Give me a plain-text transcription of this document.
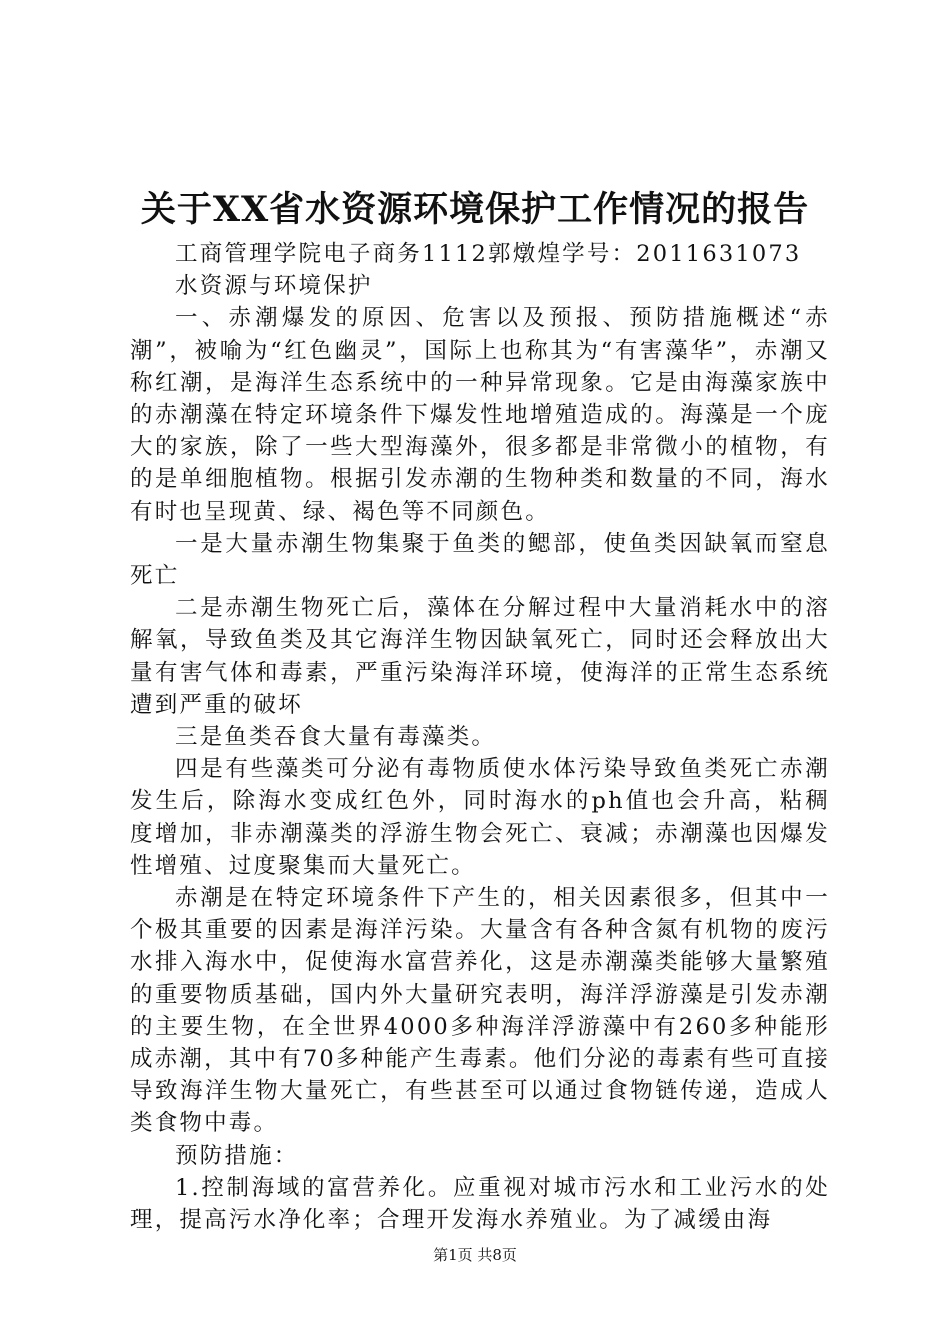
关于XX省水资源环境保护工作情况的报告

工商管理学院电子商务1112郭燉煌学号：2011631073

水资源与环境保护

一、赤潮爆发的原因、危害以及预报、预防措施概述“赤潮”，被喻为“红色幽灵”，国际上也称其为“有害藻华”，赤潮又称红潮，是海洋生态系统中的一种异常现象。它是由海藻家族中的赤潮藻在特定环境条件下爆发性地增殖造成的。海藻是一个庞大的家族，除了一些大型海藻外，很多都是非常微小的植物，有的是单细胞植物。根据引发赤潮的生物种类和数量的不同，海水有时也呈现黄、绿、褐色等不同颜色。

一是大量赤潮生物集聚于鱼类的鳃部，使鱼类因缺氧而窒息死亡

二是赤潮生物死亡后，藻体在分解过程中大量消耗水中的溶解氧，导致鱼类及其它海洋生物因缺氧死亡，同时还会释放出大量有害气体和毒素，严重污染海洋环境，使海洋的正常生态系统遭到严重的破坏

三是鱼类吞食大量有毒藻类。

四是有些藻类可分泌有毒物质使水体污染导致鱼类死亡赤潮发生后，除海水变成红色外，同时海水的ph值也会升高，粘稠度增加，非赤潮藻类的浮游生物会死亡、衰减；赤潮藻也因爆发性增殖、过度聚集而大量死亡。

赤潮是在特定环境条件下产生的，相关因素很多，但其中一个极其重要的因素是海洋污染。大量含有各种含氮有机物的废污水排入海水中，促使海水富营养化，这是赤潮藻类能够大量繁殖的重要物质基础，国内外大量研究表明，海洋浮游藻是引发赤潮的主要生物，在全世界4000多种海洋浮游藻中有260多种能形成赤潮，其中有70多种能产生毒素。他们分泌的毒素有些可直接导致海洋生物大量死亡，有些甚至可以通过食物链传递，造成人类食物中毒。

预防措施：

1.控制海域的富营养化。应重视对城市污水和工业污水的处理，提高污水净化率；合理开发海水养殖业。为了减缓由海

第1页 共8页
